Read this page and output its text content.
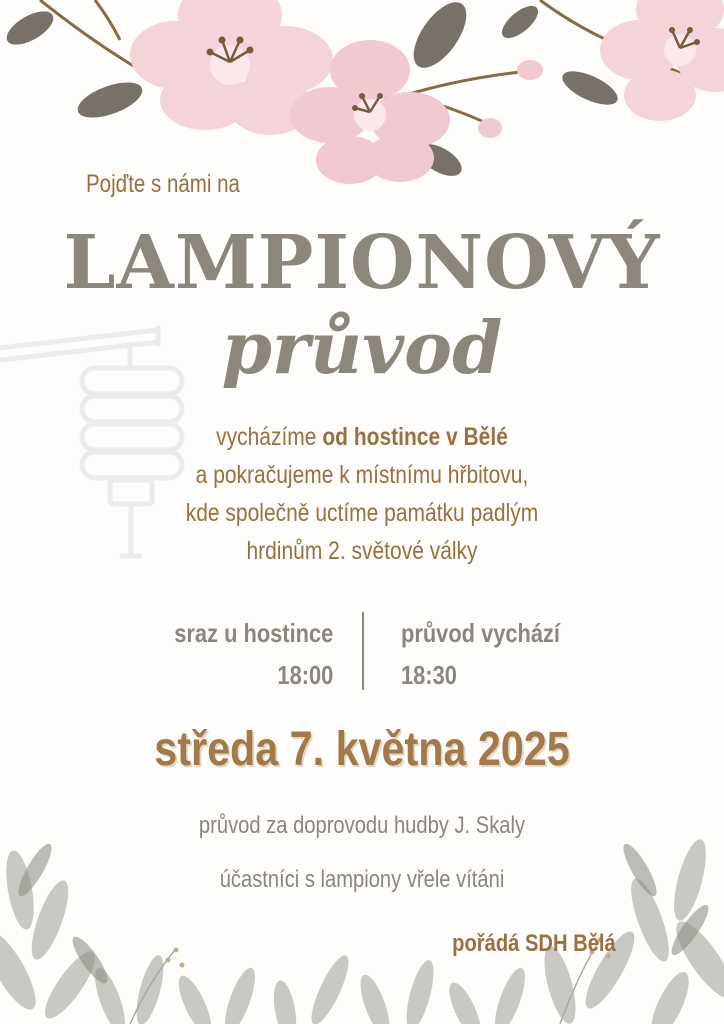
Pojďte s námi na
LAMPIONOVÝ
průvod
vycházíme od hostince v Bělé
a pokračujeme k místnímu hřbitovu,
kde společně uctíme památku padlým
hrdinům 2. světové války
sraz u hostince
18:00
průvod vychází
18:30
středa 7. května 2025
průvod za doprovodu hudby J. Skaly
účastníci s lampiony vřele vítáni
pořádá SDH Bělá
